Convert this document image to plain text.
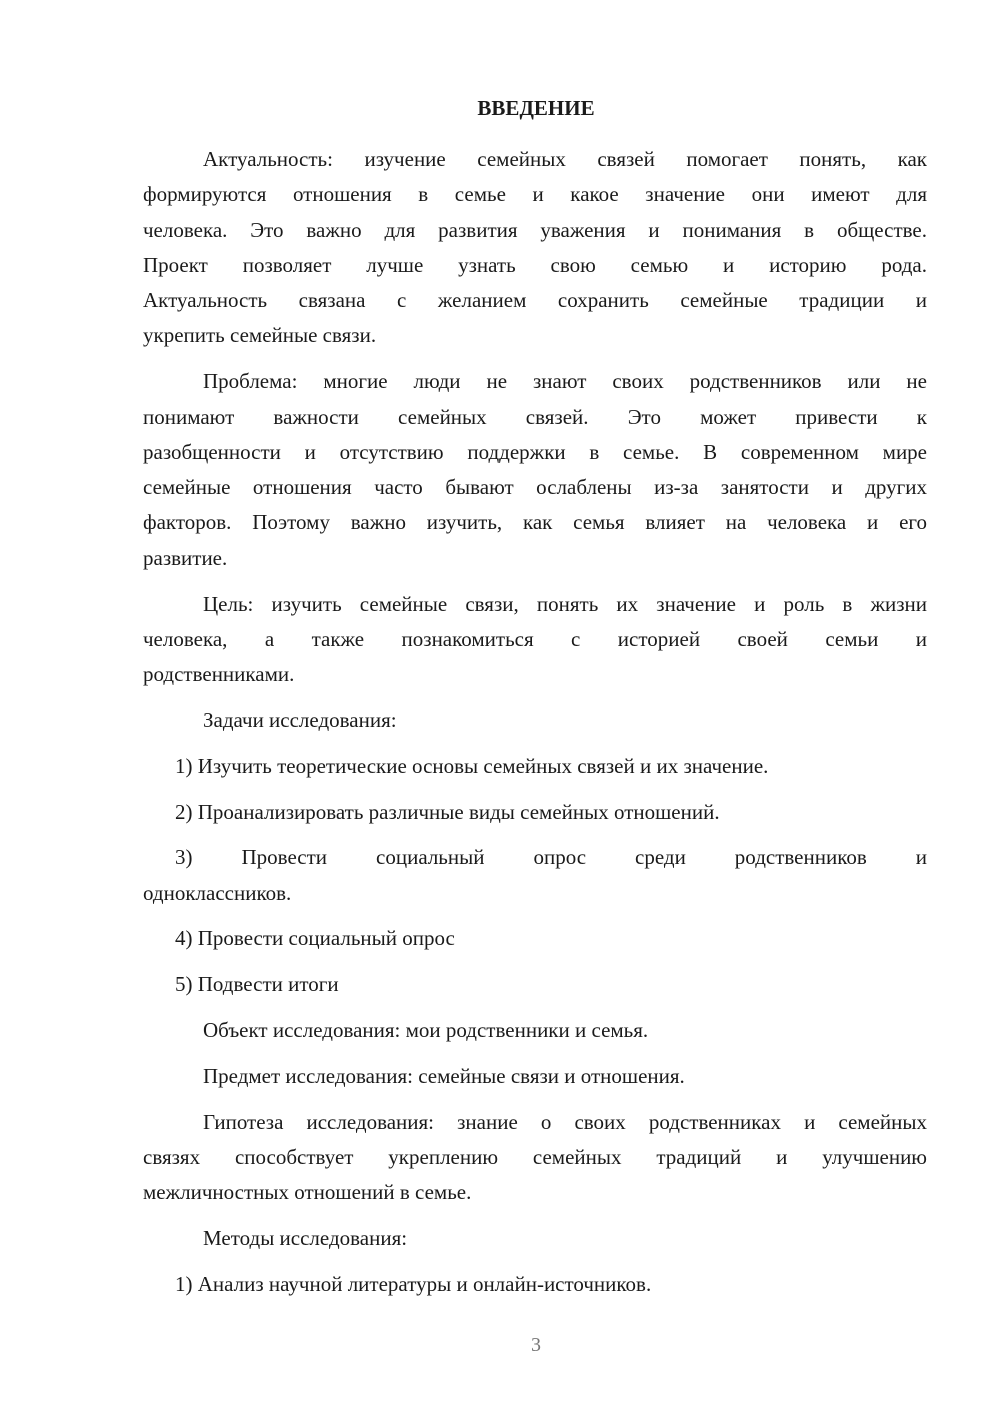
ВВЕДЕНИЕ
Актуальность: изучение семейных связей помогает понять, как
формируются отношения в семье и какое значение они имеют для
человека. Это важно для развития уважения и понимания в обществе.
Проект позволяет лучше узнать свою семью и историю рода.
Актуальность связана с желанием сохранить семейные традиции и
укрепить семейные связи.
Проблема: многие люди не знают своих родственников или не
понимают важности семейных связей. Это может привести к
разобщенности и отсутствию поддержки в семье. В современном мире
семейные отношения часто бывают ослаблены из-за занятости и других
факторов. Поэтому важно изучить, как семья влияет на человека и его
развитие.
Цель: изучить семейные связи, понять их значение и роль в жизни
человека, а также познакомиться с историей своей семьи и
родственниками.
Задачи исследования:
1) Изучить теоретические основы семейных связей и их значение.
2) Проанализировать различные виды семейных отношений.
3) Провести социальный опрос среди родственников и
одноклассников.
4) Провести социальный опрос
5) Подвести итоги
Объект исследования: мои родственники и семья.
Предмет исследования: семейные связи и отношения.
Гипотеза исследования: знание о своих родственниках и семейных
связях способствует укреплению семейных традиций и улучшению
межличностных отношений в семье.
Методы исследования:
1) Анализ научной литературы и онлайн-источников.
3
